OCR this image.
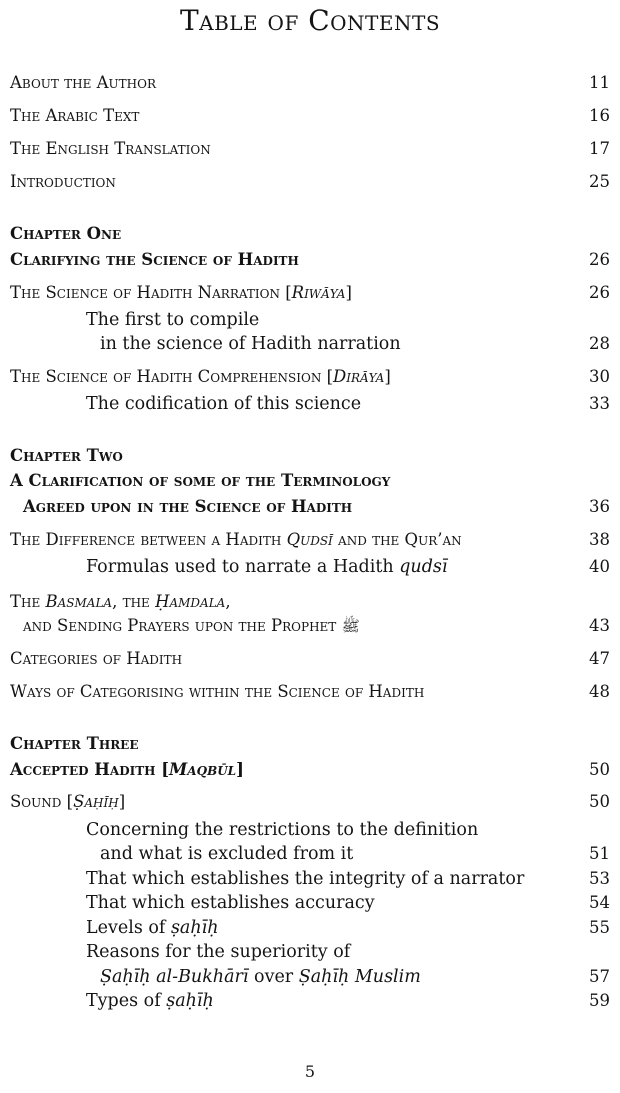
Table of Contents
About the Author	11
The Arabic Text	16
The English Translation	17
Introduction	25
Chapter One
Clarifying the Science of Hadith	26
The Science of Hadith Narration [Riwāya]	26
The first to compile
in the science of Hadith narration	28
The Science of Hadith Comprehension [Dirāya]	30
The codification of this science	33
Chapter Two
A Clarification of some of the Terminology
Agreed upon in the Science of Hadith	36
The Difference between a Hadith Qudsī and the Qur’an	38
Formulas used to narrate a Hadith qudsī	40
The Basmala, the Ḥamdala,
and Sending Prayers upon the Prophet ﷺ	43
Categories of Hadith	47
Ways of Categorising within the Science of Hadith	48
Chapter Three
Accepted Hadith [Maqbūl]	50
Sound [Ṣaḥīḥ]	50
Concerning the restrictions to the definition
and what is excluded from it	51
That which establishes the integrity of a narrator	53
That which establishes accuracy	54
Levels of ṣaḥīḥ	55
Reasons for the superiority of
Ṣaḥīḥ al-Bukhārī over Ṣaḥīḥ Muslim	57
Types of ṣaḥīḥ	59
5
